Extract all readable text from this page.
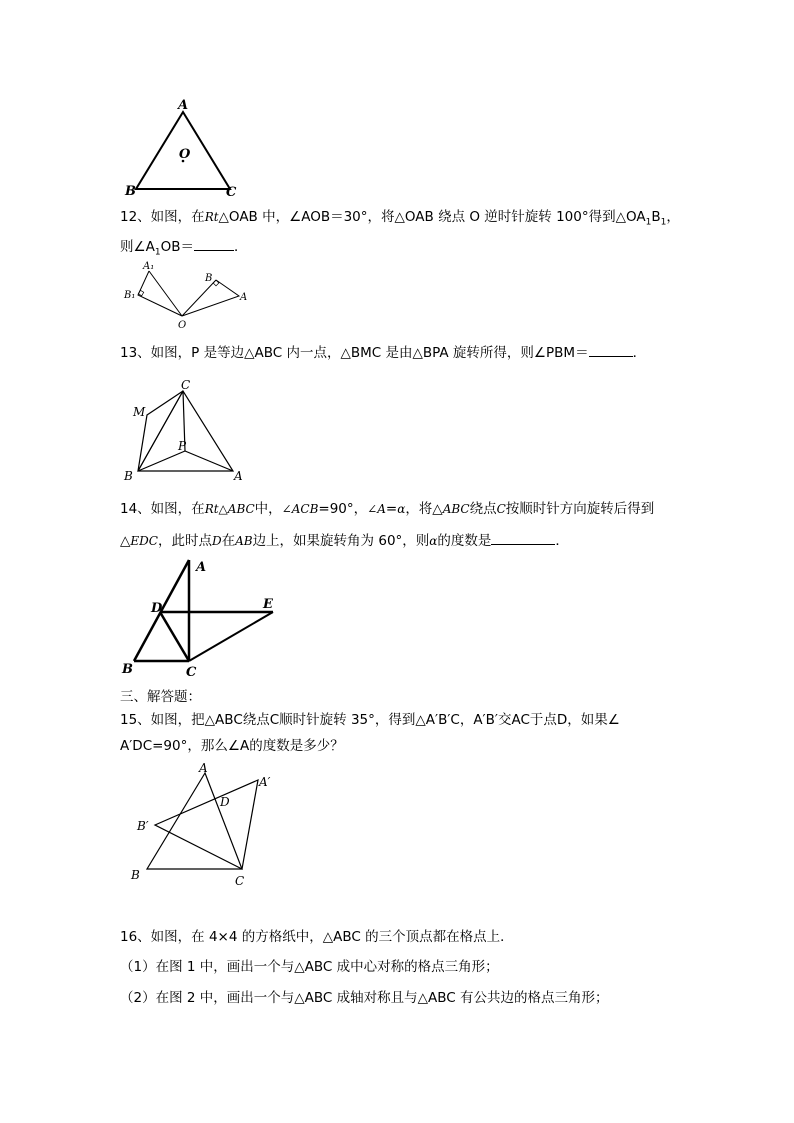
A
O
B	C
12、如图，在Rt△OAB 中，∠AOB＝30°，将△OAB 绕点 O 逆时针旋转 100°得到$\triangle OA_1B_1$，
则$\angle A_1OB=$	．
A₁
B₁
B
A
O
13、如图，P 是等边△ABC 内一点，△BMC 是由△BPA 旋转所得，则∠PBM＝	．
C
M
P
B	A
14、如图，在Rt△ABC中，∠ACB=90°，∠A=α，将△ABC绕点C按顺时针方向旋转后得到
△EDC，此时点D在AB边上，如果旋转角为 60°，则α的度数是	．
A
D	E
B	C
三、解答题：
15、如图，把△ABC绕点C顺时针旋转 35°，得到△A′B′C，A′B′交AC于点D，如果∠
A′DC=90°，那么∠A的度数是多少？
A
A′
D
B′
B	C
16、如图，在 4×4 的方格纸中，△ABC 的三个顶点都在格点上．
（1）在图 1 中，画出一个与△ABC 成中心对称的格点三角形；
（2）在图 2 中，画出一个与△ABC 成轴对称且与△ABC 有公共边的格点三角形；
